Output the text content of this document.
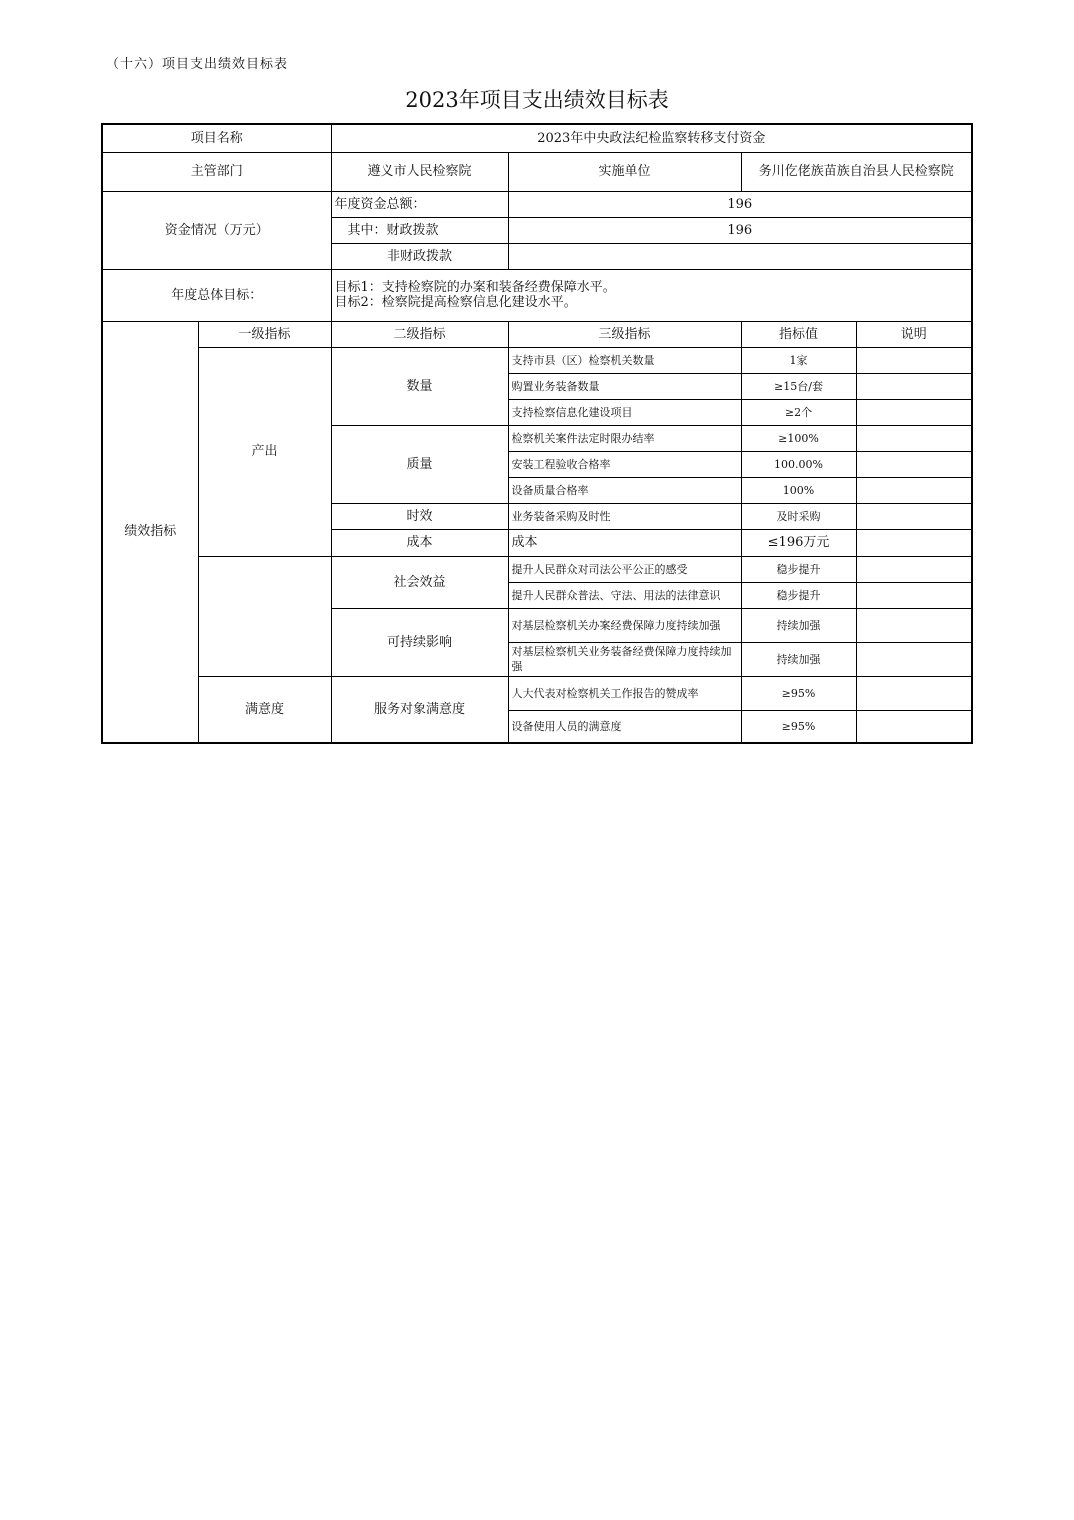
（十六）项目支出绩效目标表
2023年项目支出绩效目标表
项目名称		2023年中央政法纪检监察转移支付资金			
主管部门		遵义市人民检察院	实施单位	务川仡佬族苗族自治县人民检察院	
资金情况（万元）		年度资金总额：	196		
		其中：财政拨款	196		
		非财政拨款			
年度总体目标：		目标1：支持检察院的办案和装备经费保障水平。
目标2：检察院提高检察信息化建设水平。			

绩效指标	一级指标	二级指标	三级指标	指标值	说明
	产出	数量	支持市县（区）检察机关数量	1家	
			购置业务装备数量	≥15台/套	
			支持检察信息化建设项目	≥2个	
		质量	检察机关案件法定时限办结率	≥100%	
			安装工程验收合格率	100.00%	
			设备质量合格率	100%	
		时效	业务装备采购及时性	及时采购	
		成本	成本	≤196万元	
		社会效益	提升人民群众对司法公平公正的感受	稳步提升	
			提升人民群众普法、守法、用法的法律意识	稳步提升	
		可持续影响	对基层检察机关办案经费保障力度持续加强	持续加强	
			对基层检察机关业务装备经费保障力度持续加强	持续加强	
	满意度	服务对象满意度	人大代表对检察机关工作报告的赞成率	≥95%	
			设备使用人员的满意度	≥95%	
